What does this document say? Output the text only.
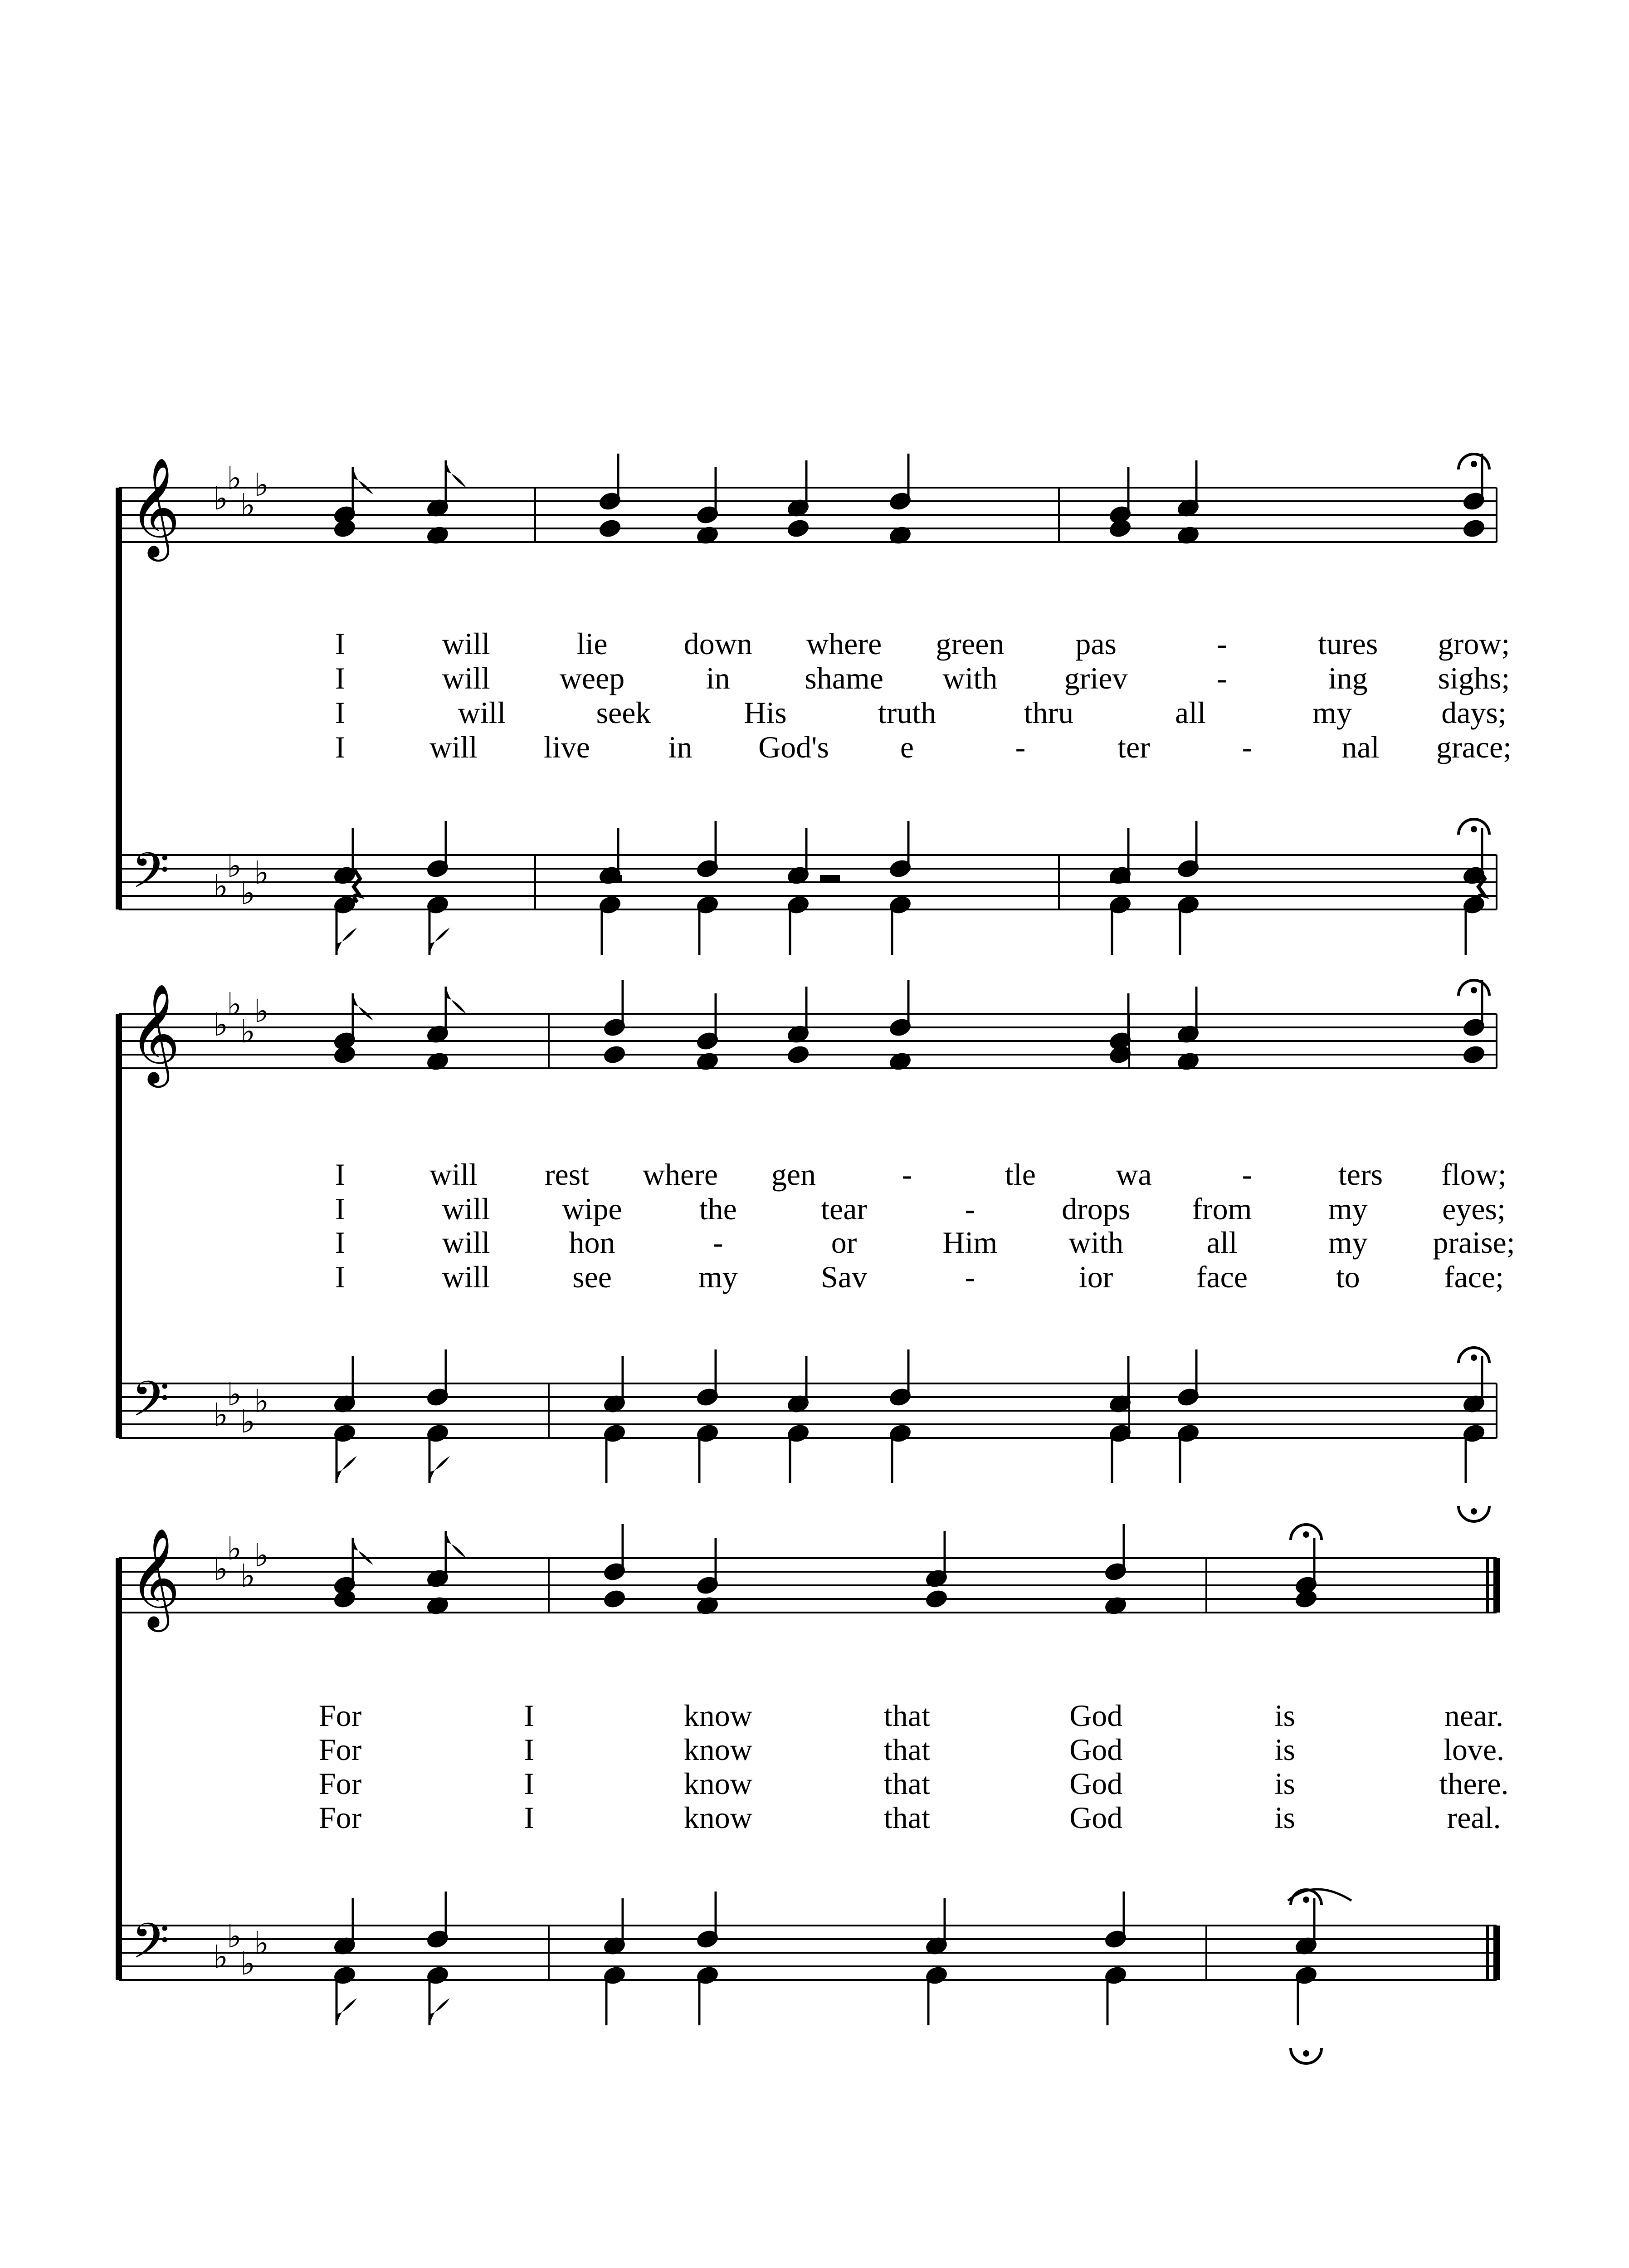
𝄞
𝄢
♭
♭
♭
♭
♭
♭
♭
♭
I	will	lie down where green pas	-	tures grow;
I	will weep	in shame with griev	-	ing sighs;
I	will	seek	His	truth	thru	all	my	days;
I	will live	in God's e	-	ter	-	nal grace;
𝄞
𝄢
♭
♭
♭
♭
♭
♭
♭
♭
I	will rest where gen	-	tle	wa	-	ters flow;
I	will wipe	the	tear	-	drops from my eyes;
I	will	hon	-	or	Him with	all	my praise;
I	will	see	my	Sav	-	ior	face	to	face;
𝄞
𝄢
♭
♭
♭
♭
♭
♭
♭
♭
For	I	know	that	God	is	near.
For	I	know	that	God	is	love.
For	I	know	that	God	is	there.
For	I	know	that	God	is	real.
